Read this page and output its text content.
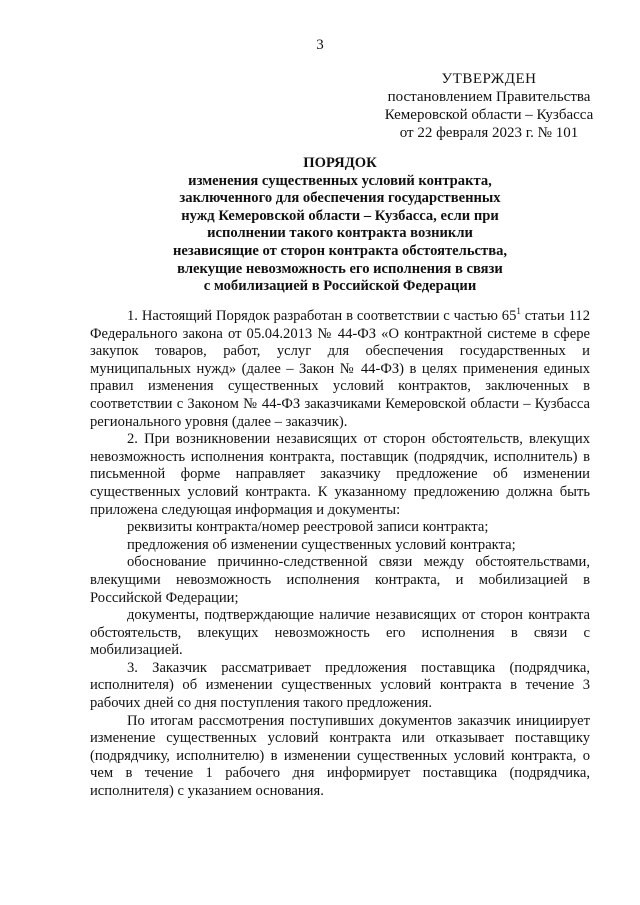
3
УТВЕРЖДЕН
постановлением Правительства
Кемеровской области – Кузбасса
от 22 февраля 2023 г. № 101
ПОРЯДОК
изменения существенных условий контракта,
заключенного для обеспечения государственных
нужд Кемеровской области – Кузбасса, если при
исполнении такого контракта возникли
независящие от сторон контракта обстоятельства,
влекущие невозможность его исполнения в связи
с мобилизацией в Российской Федерации

1. Настоящий Порядок разработан в соответствии с частью $65^1$ статьи 112 Федерального закона от 05.04.2013 № 44-ФЗ «О контрактной системе в сфере закупок товаров, работ, услуг для обеспечения государственных и муниципальных нужд» (далее – Закон № 44-ФЗ) в целях применения единых правил изменения существенных условий контрактов, заключенных в соответствии с Законом № 44-ФЗ заказчиками Кемеровской области – Кузбасса регионального уровня (далее – заказчик).

2. При возникновении независящих от сторон обстоятельств, влекущих невозможность исполнения контракта, поставщик (подрядчик, исполнитель) в письменной форме направляет заказчику предложение об изменении существенных условий контракта. К указанному предложению должна быть приложена следующая информация и документы:

реквизиты контракта/номер реестровой записи контракта;

предложения об изменении существенных условий контракта;

обоснование причинно-следственной связи между обстоятельствами, влекущими невозможность исполнения контракта, и мобилизацией в Российской Федерации;

документы, подтверждающие наличие независящих от сторон контракта обстоятельств, влекущих невозможность его исполнения в связи с мобилизацией.

3. Заказчик рассматривает предложения поставщика (подрядчика, исполнителя) об изменении существенных условий контракта в течение 3 рабочих дней со дня поступления такого предложения.

По итогам рассмотрения поступивших документов заказчик инициирует изменение существенных условий контракта или отказывает поставщику (подрядчику, исполнителю) в изменении существенных условий контракта, о чем в течение 1 рабочего дня информирует поставщика (подрядчика, исполнителя) с указанием основания.
